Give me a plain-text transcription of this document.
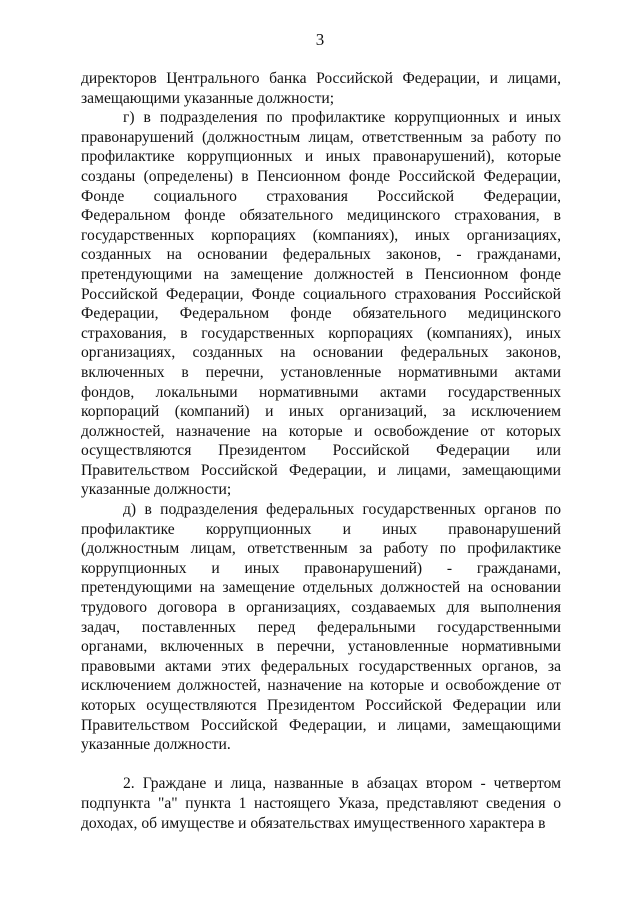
3
директоров Центрального банка Российской Федерации, и лицами,
замещающими указанные должности;
г) в подразделения по профилактике коррупционных и иных
правонарушений (должностным лицам, ответственным за работу по
профилактике коррупционных и иных правонарушений), которые
созданы (определены) в Пенсионном фонде Российской Федерации,
Фонде социального страхования Российской Федерации,
Федеральном фонде обязательного медицинского страхования, в
государственных корпорациях (компаниях), иных организациях,
созданных на основании федеральных законов, - гражданами,
претендующими на замещение должностей в Пенсионном фонде
Российской Федерации, Фонде социального страхования Российской
Федерации, Федеральном фонде обязательного медицинского
страхования, в государственных корпорациях (компаниях), иных
организациях, созданных на основании федеральных законов,
включенных в перечни, установленные нормативными актами
фондов, локальными нормативными актами государственных
корпораций (компаний) и иных организаций, за исключением
должностей, назначение на которые и освобождение от которых
осуществляются Президентом Российской Федерации или
Правительством Российской Федерации, и лицами, замещающими
указанные должности;
д) в подразделения федеральных государственных органов по
профилактике коррупционных и иных правонарушений
(должностным лицам, ответственным за работу по профилактике
коррупционных и иных правонарушений) - гражданами,
претендующими на замещение отдельных должностей на основании
трудового договора в организациях, создаваемых для выполнения
задач, поставленных перед федеральными государственными
органами, включенных в перечни, установленные нормативными
правовыми актами этих федеральных государственных органов, за
исключением должностей, назначение на которые и освобождение от
которых осуществляются Президентом Российской Федерации или
Правительством Российской Федерации, и лицами, замещающими
указанные должности.
2. Граждане и лица, названные в абзацах втором - четвертом
подпункта "а" пункта 1 настоящего Указа, представляют сведения о
доходах, об имуществе и обязательствах имущественного характера в
